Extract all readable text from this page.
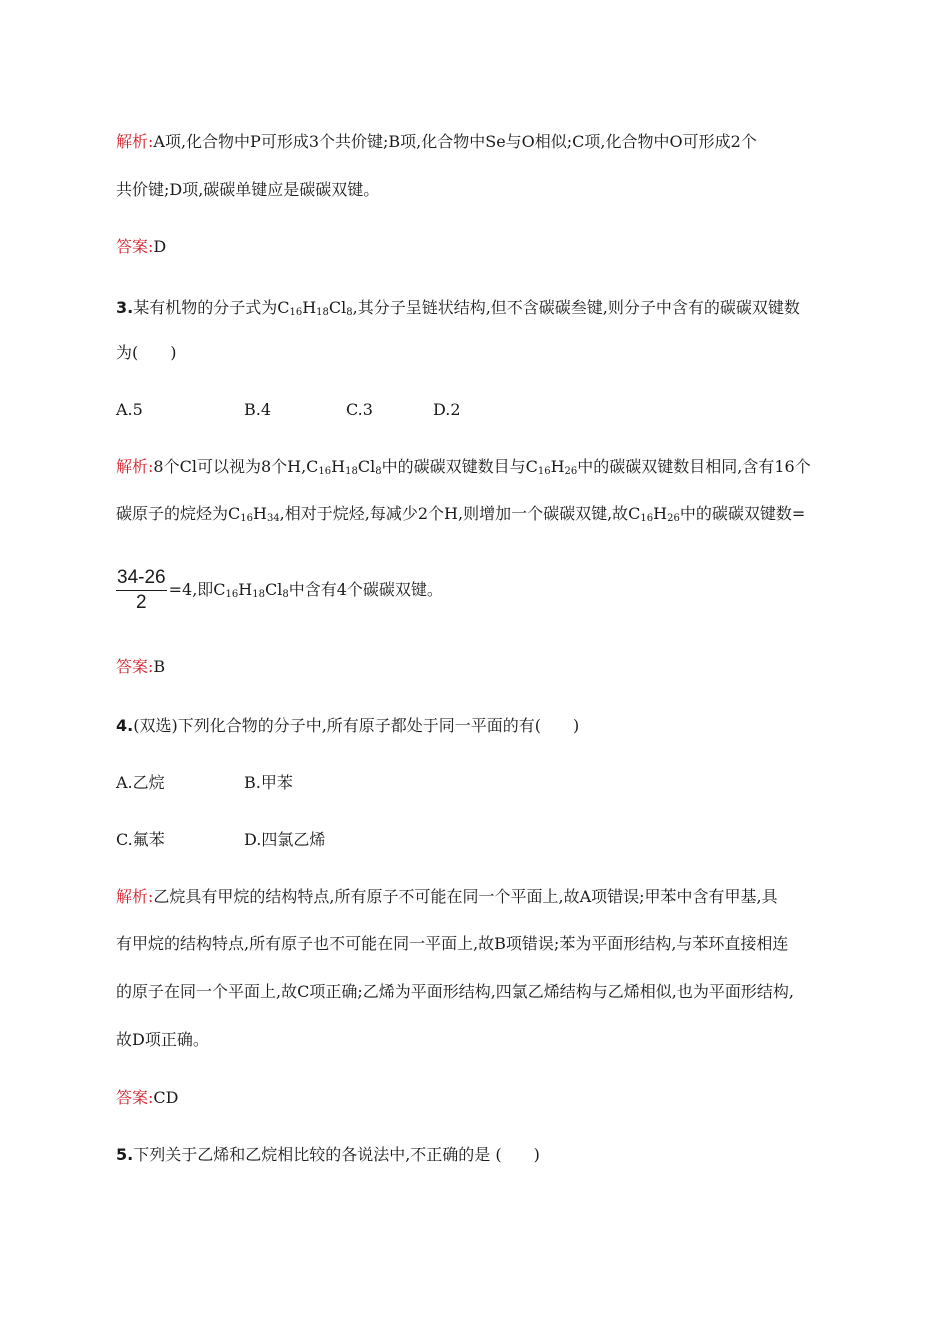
解析:A项,化合物中P可形成3个共价键;B项,化合物中Se与O相似;C项,化合物中O可形成2个
共价键;D项,碳碳单键应是碳碳双键。
答案:D
3.某有机物的分子式为$C_{16}H_{18}Cl_8$,其分子呈链状结构,但不含碳碳叁键,则分子中含有的碳碳双键数
为(　　)
A.5	B.4	C.3	D.2
解析:8个Cl可以视为8个$H,C_{16}H_{18}Cl_8$中的碳碳双键数目与$C_{16}H_{26}$中的碳碳双键数目相同,含有16个
碳原子的烷烃为$C_{16}H_{34}$,相对于烷烃,每减少2个H,则增加一个碳碳双键,故$C_{16}H_{26}$中的碳碳双键数=
$\frac{34-26}{2} =4$,即$C_{16}H_{18}Cl_8$中含有4个碳碳双键。
答案:B
4.(双选)下列化合物的分子中,所有原子都处于同一平面的有(　　)
A.乙烷	B.甲苯
C.氟苯	D.四氯乙烯
解析:乙烷具有甲烷的结构特点,所有原子不可能在同一个平面上,故A项错误;甲苯中含有甲基,具
有甲烷的结构特点,所有原子也不可能在同一平面上,故B项错误;苯为平面形结构,与苯环直接相连
的原子在同一个平面上,故C项正确;乙烯为平面形结构,四氯乙烯结构与乙烯相似,也为平面形结构,
故D项正确。
答案:CD
5.下列关于乙烯和乙烷相比较的各说法中,不正确的是 (　　)
